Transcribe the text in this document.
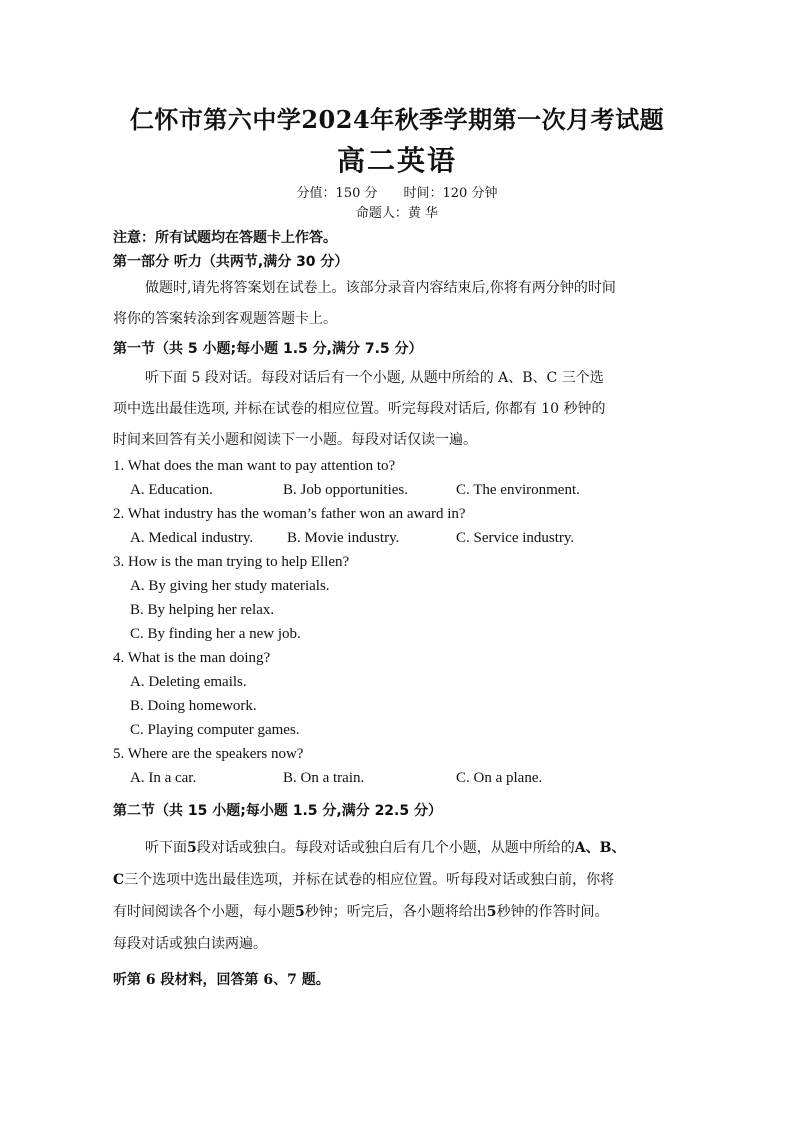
仁怀市第六中学2024年秋季学期第一次月考试题
高二英语
分值：150 分 时间：120 分钟
命题人：黄 华
注意：所有试题均在答题卡上作答。
第一部分 听力（共两节,满分 30 分）
做题时,请先将答案划在试卷上。该部分录音内容结束后,你将有两分钟的时间
将你的答案转涂到客观题答题卡上。
第一节（共 5 小题;每小题 1.5 分,满分 7.5 分）
听下面 5 段对话。每段对话后有一个小题, 从题中所给的 A、B、C 三个选
项中选出最佳选项, 并标在试卷的相应位置。听完每段对话后, 你都有 10 秒钟的
时间来回答有关小题和阅读下一小题。每段对话仅读一遍。
1. What does the man want to pay attention to?
A. Education.	B. Job opportunities.	C. The environment.
2. What industry has the woman’s father won an award in?
A. Medical industry. B. Movie industry.	C. Service industry.
3. How is the man trying to help Ellen?
A. By giving her study materials.
B. By helping her relax.
C. By finding her a new job.
4. What is the man doing?
A. Deleting emails.
B. Doing homework.
C. Playing computer games.
5. Where are the speakers now?
A. In a car.	B. On a train.	C. On a plane.
第二节（共 15 小题;每小题 1.5 分,满分 22.5 分）
听下面5段对话或独白。每段对话或独白后有几个小题，从题中所给的A、B、
C三个选项中选出最佳选项，并标在试卷的相应位置。听每段对话或独白前，你将
有时间阅读各个小题，每小题5秒钟；听完后，各小题将给出5秒钟的作答时间。
每段对话或独白读两遍。
听第 6 段材料，回答第 6、7 题。
